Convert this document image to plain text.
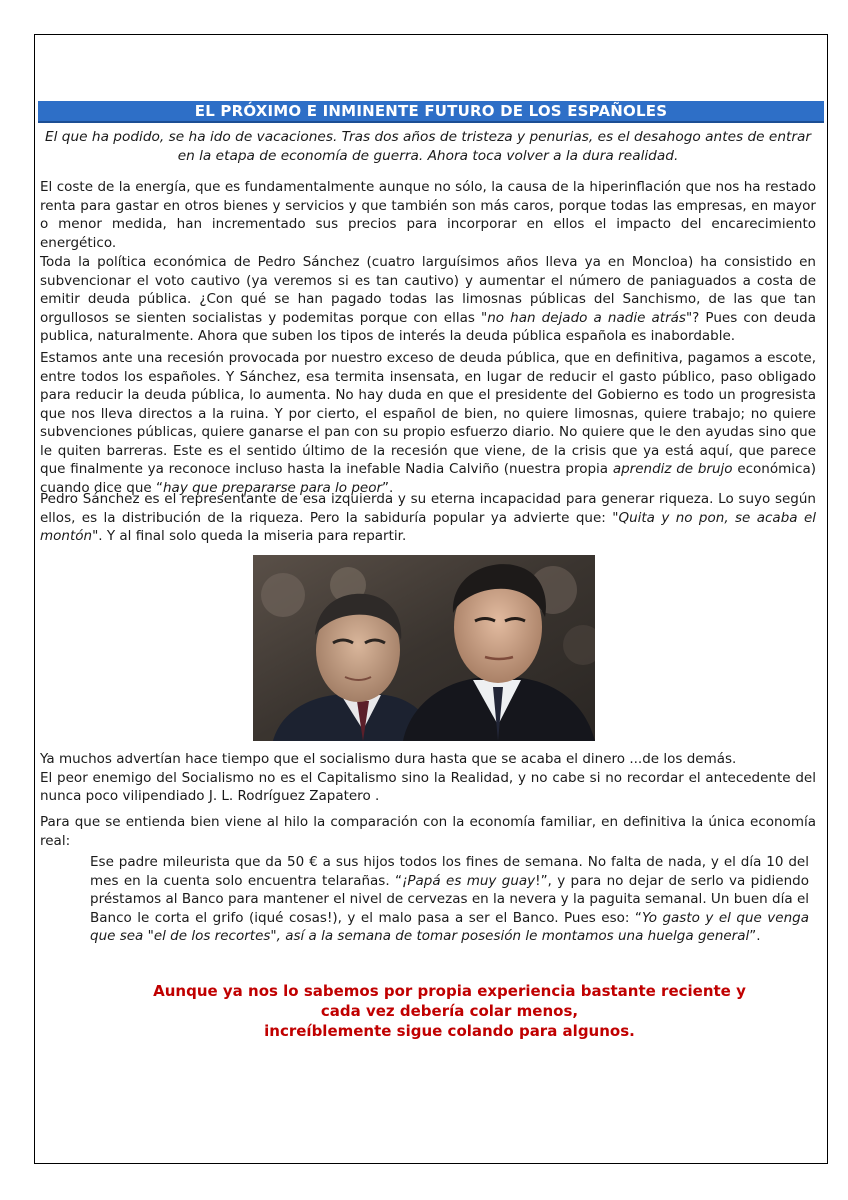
EL PRÓXIMO E INMINENTE FUTURO DE LOS ESPAÑOLES

El que ha podido, se ha ido de vacaciones. Tras dos años de tristeza y penurias, es el desahogo antes de entrar en la etapa de economía de guerra. Ahora toca volver a la dura realidad.

El coste de la energía, que es fundamentalmente aunque no sólo, la causa de la hiperinflación que nos ha restado renta para gastar en otros bienes y servicios y que también son más caros, porque todas las empresas, en mayor o menor medida, han incrementado sus precios para incorporar en ellos el impacto del encarecimiento energético.

Toda la política económica de Pedro Sánchez (cuatro larguísimos años lleva ya en Moncloa) ha consistido en subvencionar el voto cautivo (ya veremos si es tan cautivo) y aumentar el número de paniaguados a costa de emitir deuda pública. ¿Con qué se han pagado todas las limosnas públicas del Sanchismo, de las que tan orgullosos se sienten socialistas y podemitas porque con ellas "no han dejado a nadie atrás"? Pues con deuda publica, naturalmente. Ahora que suben los tipos de interés la deuda pública española es inabordable.

Estamos ante una recesión provocada por nuestro exceso de deuda pública, que en definitiva, pagamos a escote, entre todos los españoles. Y Sánchez, esa termita insensata, en lugar de reducir el gasto público, paso obligado para reducir la deuda pública, lo aumenta. No hay duda en que el presidente del Gobierno es todo un progresista que nos lleva directos a la ruina. Y por cierto, el español de bien, no quiere limosnas, quiere trabajo; no quiere subvenciones públicas, quiere ganarse el pan con su propio esfuerzo diario. No quiere que le den ayudas sino que le quiten barreras. Este es el sentido último de la recesión que viene, de la crisis que ya está aquí, que parece que finalmente ya reconoce incluso hasta la inefable Nadia Calviño (nuestra propia aprendiz de brujo económica) cuando dice que “hay que prepararse para lo peor”.

Pedro Sánchez es el representante de esa izquierda y su eterna incapacidad para generar riqueza. Lo suyo según ellos, es la distribución de la riqueza. Pero la sabiduría popular ya advierte que: "Quita y no pon, se acaba el montón". Y al final solo queda la miseria para repartir.

Ya muchos advertían hace tiempo que el socialismo dura hasta que se acaba el dinero ...de los demás.
El peor enemigo del Socialismo no es el Capitalismo sino la Realidad, y no cabe si no recordar el antecedente del nunca poco vilipendiado J. L. Rodríguez Zapatero .

Para que se entienda bien viene al hilo la comparación con la economía familiar, en definitiva la única economía real:

Ese padre mileurista que da 50 € a sus hijos todos los fines de semana. No falta de nada, y el día 10 del mes en la cuenta solo encuentra telarañas. “¡Papá es muy guay!”, y para no dejar de serlo va pidiendo préstamos al Banco para mantener el nivel de cervezas en la nevera y la paguita semanal. Un buen día el Banco le corta el grifo (iqué cosas!), y el malo pasa a ser el Banco. Pues eso: “Yo gasto y el que venga que sea "el de los recortes", así a la semana de tomar posesión le montamos una huelga general”.

Aunque ya nos lo sabemos por propia experiencia bastante reciente y
cada vez debería colar menos,
increíblemente sigue colando para algunos.
